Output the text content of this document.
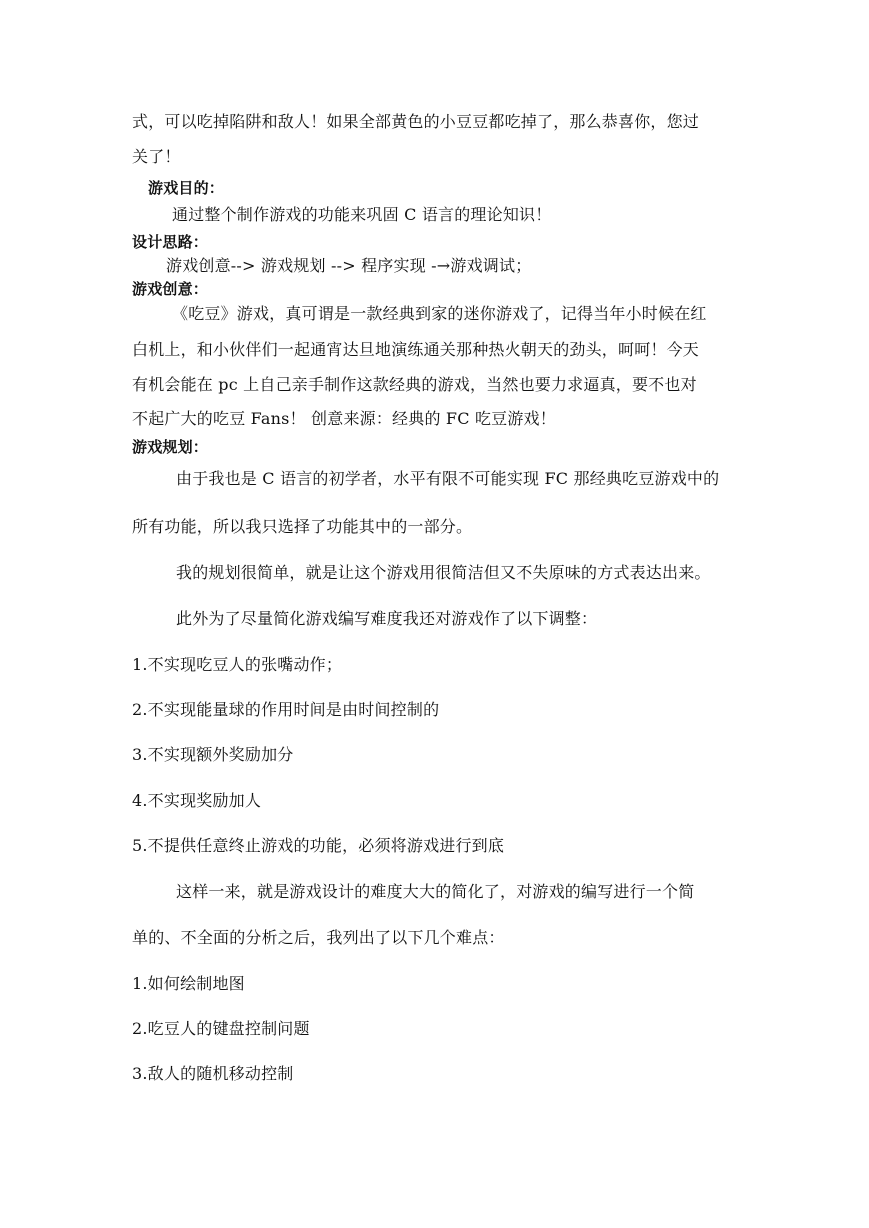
式，可以吃掉陷阱和敌人！如果全部黄色的小豆豆都吃掉了，那么恭喜你，您过
关了！
游戏目的：
通过整个制作游戏的功能来巩固 C 语言的理论知识！
设计思路：
游戏创意--> 游戏规划 --> 程序实现 -→游戏调试；
游戏创意：
《吃豆》游戏，真可谓是一款经典到家的迷你游戏了，记得当年小时候在红
白机上，和小伙伴们一起通宵达旦地演练通关那种热火朝天的劲头，呵呵！今天
有机会能在 pc 上自己亲手制作这款经典的游戏，当然也要力求逼真，要不也对
不起广大的吃豆 Fans！ 创意来源：经典的 FC 吃豆游戏！
游戏规划：
由于我也是 C 语言的初学者，水平有限不可能实现 FC 那经典吃豆游戏中的
所有功能，所以我只选择了功能其中的一部分。
我的规划很简单，就是让这个游戏用很简洁但又不失原味的方式表达出来。
此外为了尽量简化游戏编写难度我还对游戏作了以下调整：
1.不实现吃豆人的张嘴动作；
2.不实现能量球的作用时间是由时间控制的
3.不实现额外奖励加分
4.不实现奖励加人
5.不提供任意终止游戏的功能，必须将游戏进行到底
这样一来，就是游戏设计的难度大大的简化了，对游戏的编写进行一个简
单的、不全面的分析之后，我列出了以下几个难点：
1.如何绘制地图
2.吃豆人的键盘控制问题
3.敌人的随机移动控制
